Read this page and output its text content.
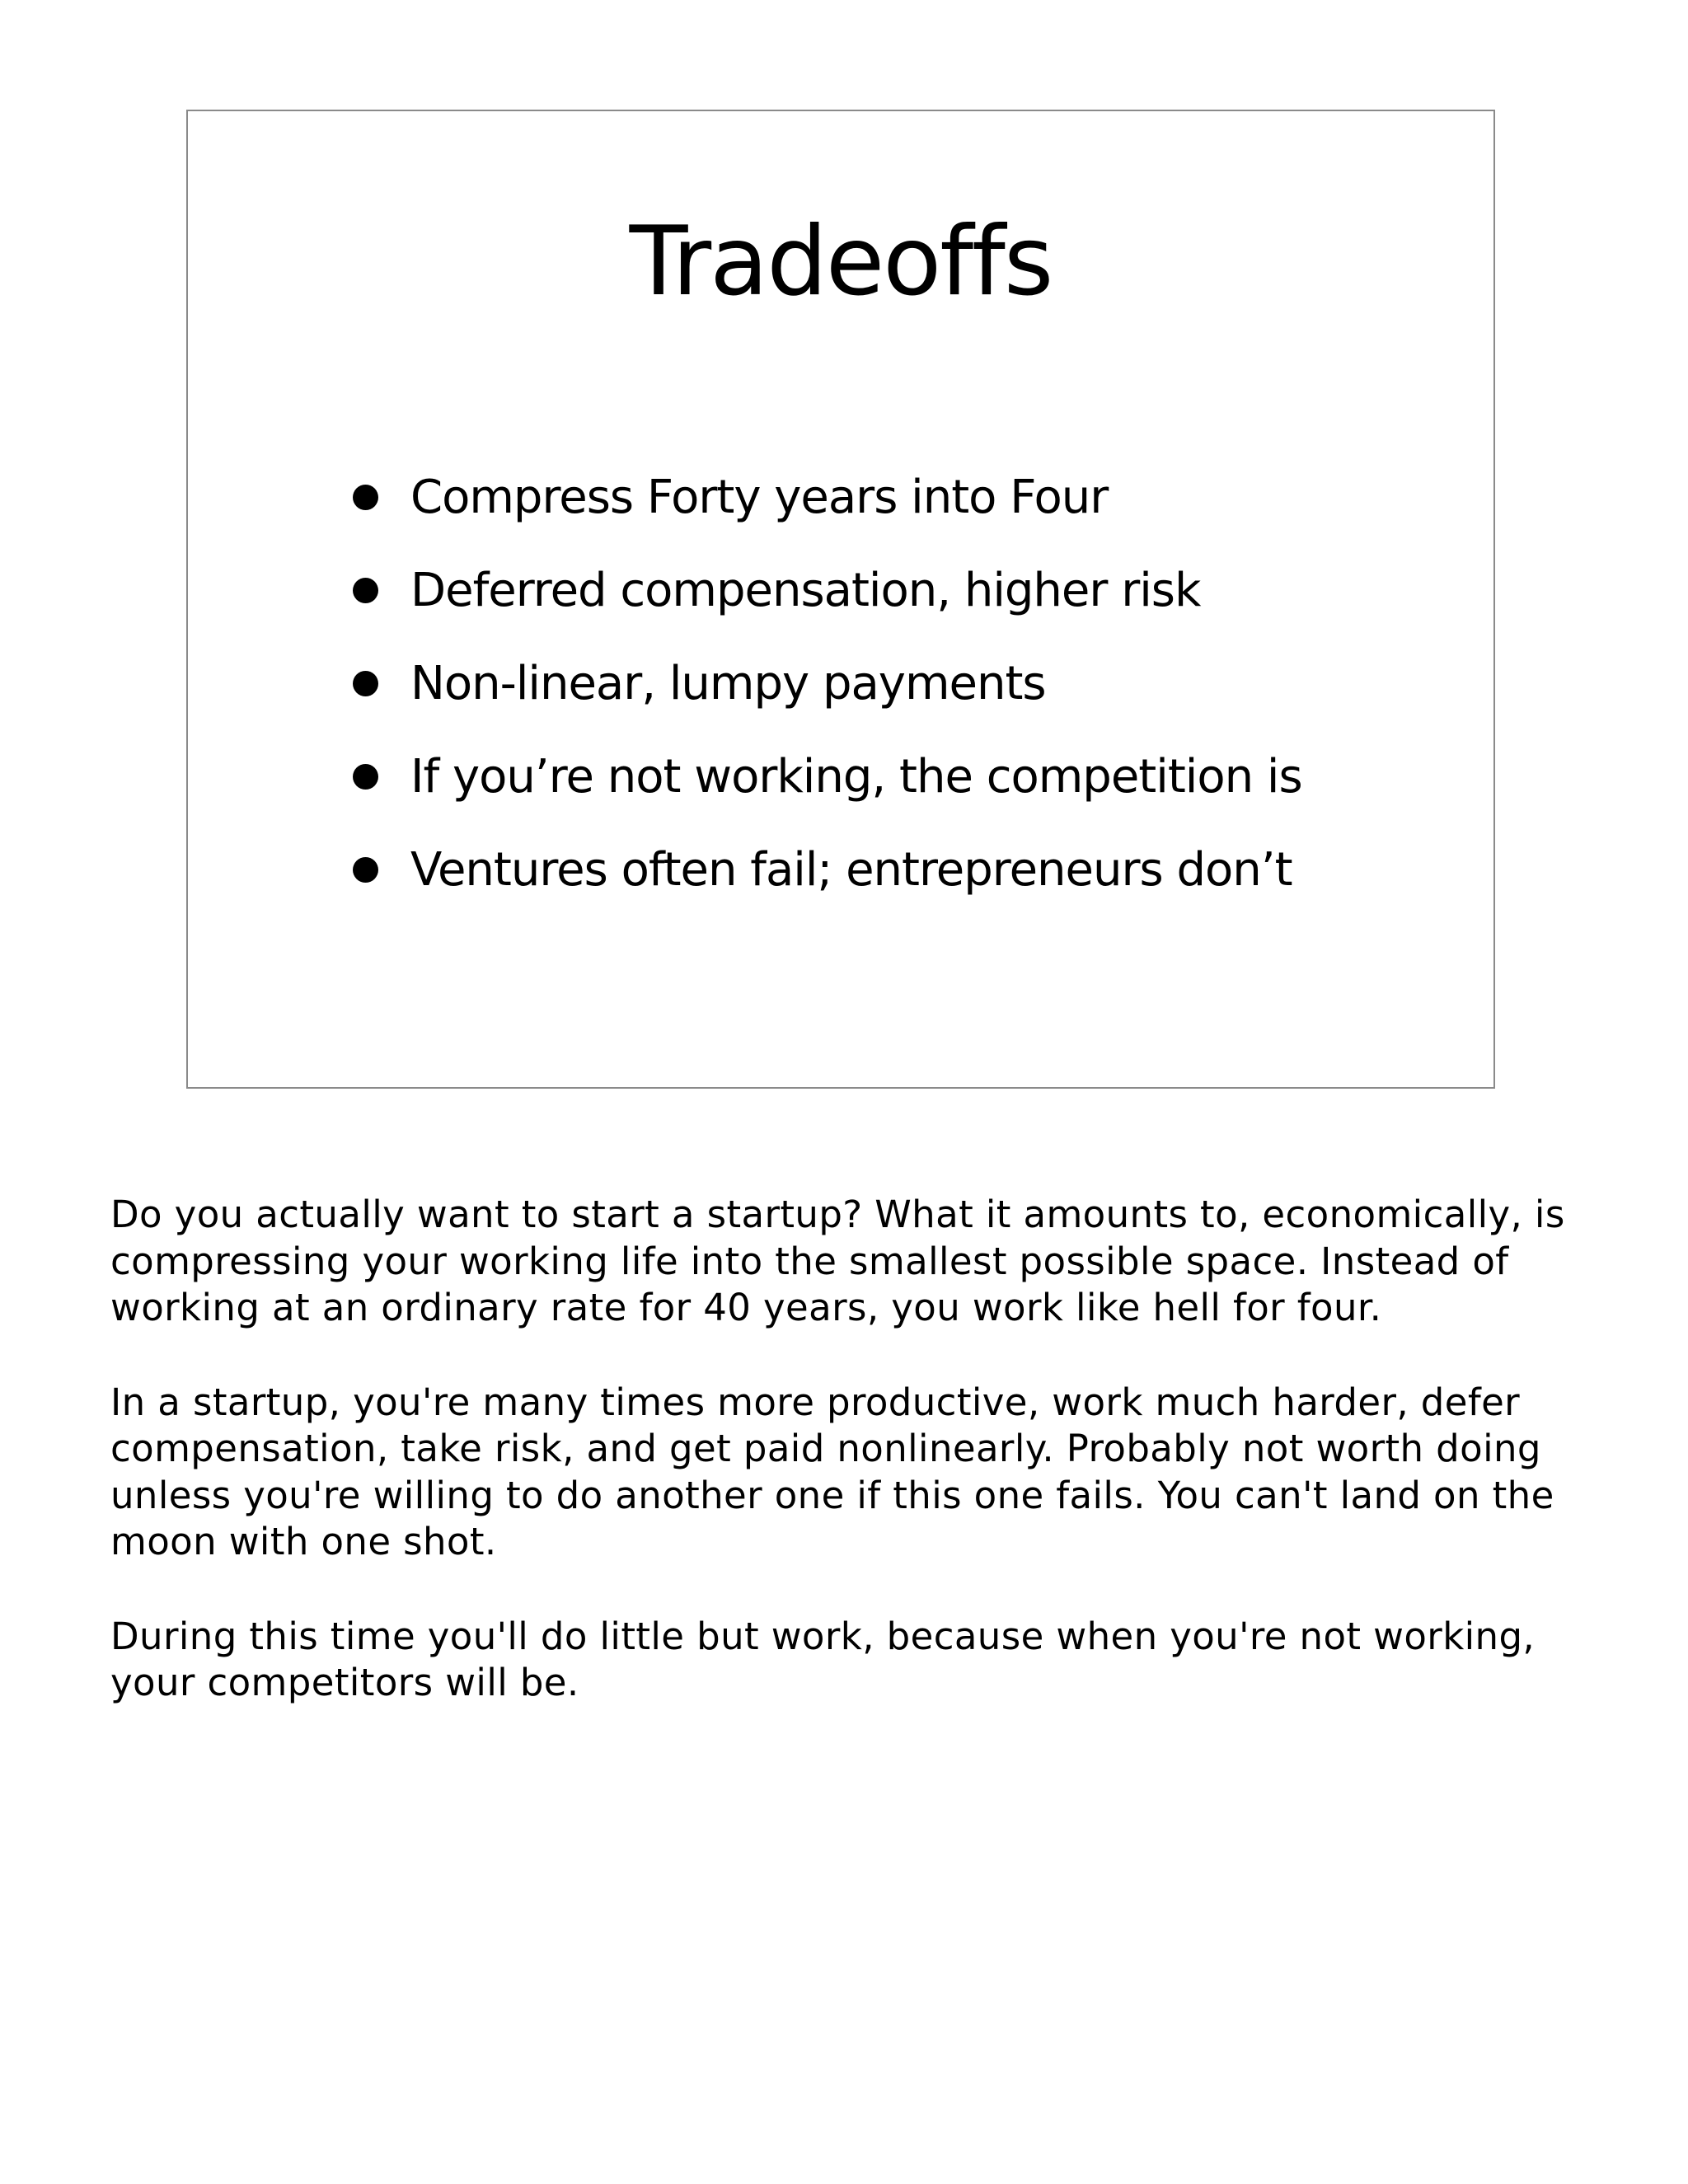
Tradeoffs
Compress Forty years into Four
Deferred compensation, higher risk
Non-linear, lumpy payments
If you’re not working, the competition is
Ventures often fail; entrepreneurs don’t

Do you actually want to start a startup? What it amounts to, economically, is compressing your working life into the smallest possible space. Instead of working at an ordinary rate for 40 years, you work like hell for four.

In a startup, you're many times more productive, work much harder, defer compensation, take risk, and get paid nonlinearly. Probably not worth doing unless you're willing to do another one if this one fails. You can't land on the moon with one shot.

During this time you'll do little but work, because when you're not working, your competitors will be.
